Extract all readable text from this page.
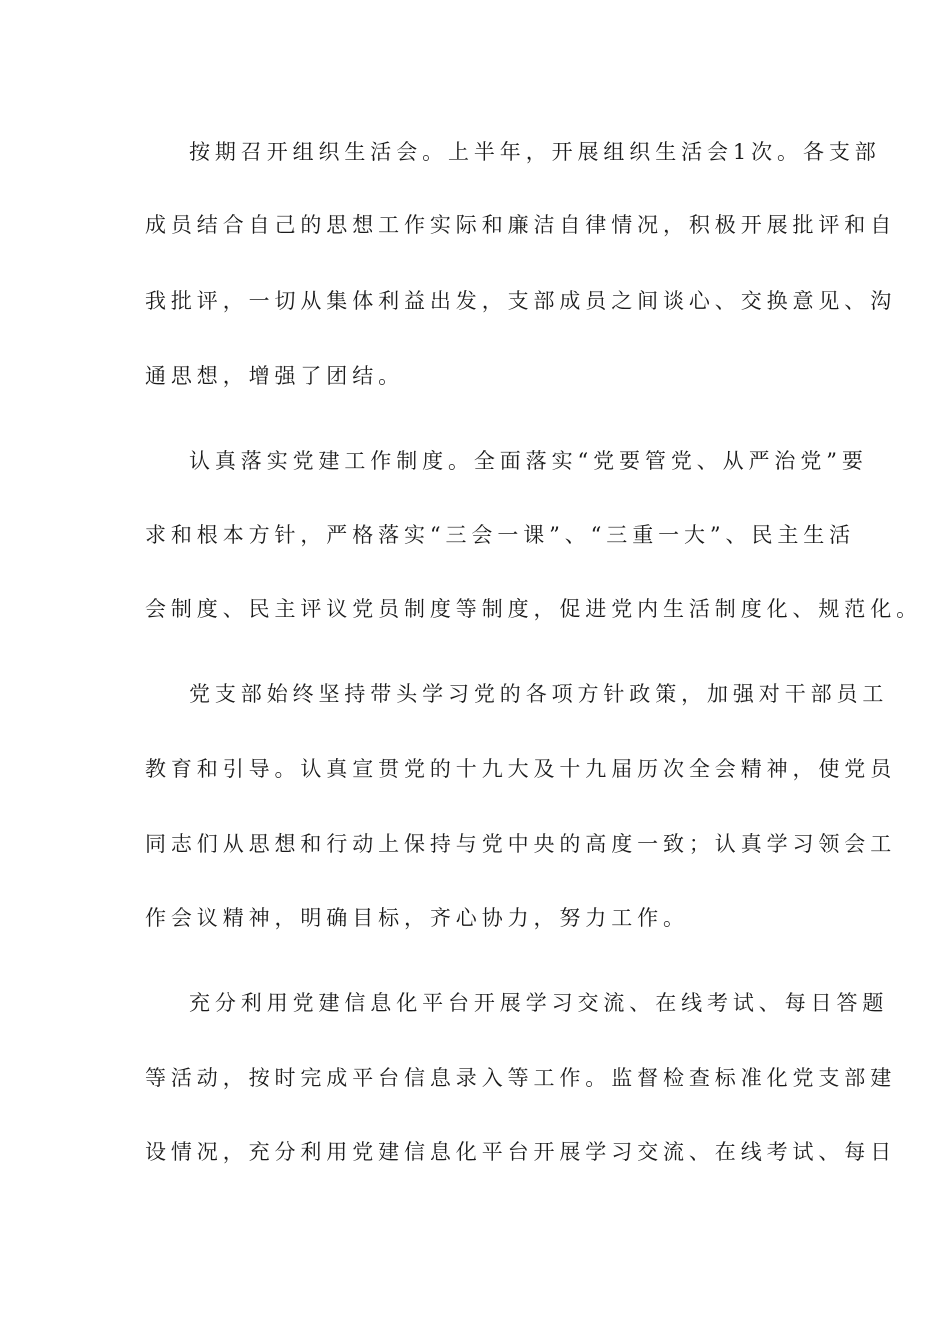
按期召开组织生活会。上半年，开展组织生活会1次。各支部
成员结合自己的思想工作实际和廉洁自律情况，积极开展批评和自
我批评，一切从集体利益出发，支部成员之间谈心、交换意见、沟
通思想，增强了团结。
认真落实党建工作制度。全面落实“党要管党、从严治党”要
求和根本方针，严格落实“三会一课”、“三重一大”、民主生活
会制度、民主评议党员制度等制度，促进党内生活制度化、规范化。
党支部始终坚持带头学习党的各项方针政策，加强对干部员工
教育和引导。认真宣贯党的十九大及十九届历次全会精神，使党员
同志们从思想和行动上保持与党中央的高度一致；认真学习领会工
作会议精神，明确目标，齐心协力，努力工作。
充分利用党建信息化平台开展学习交流、在线考试、每日答题
等活动，按时完成平台信息录入等工作。监督检查标准化党支部建
设情况，充分利用党建信息化平台开展学习交流、在线考试、每日
